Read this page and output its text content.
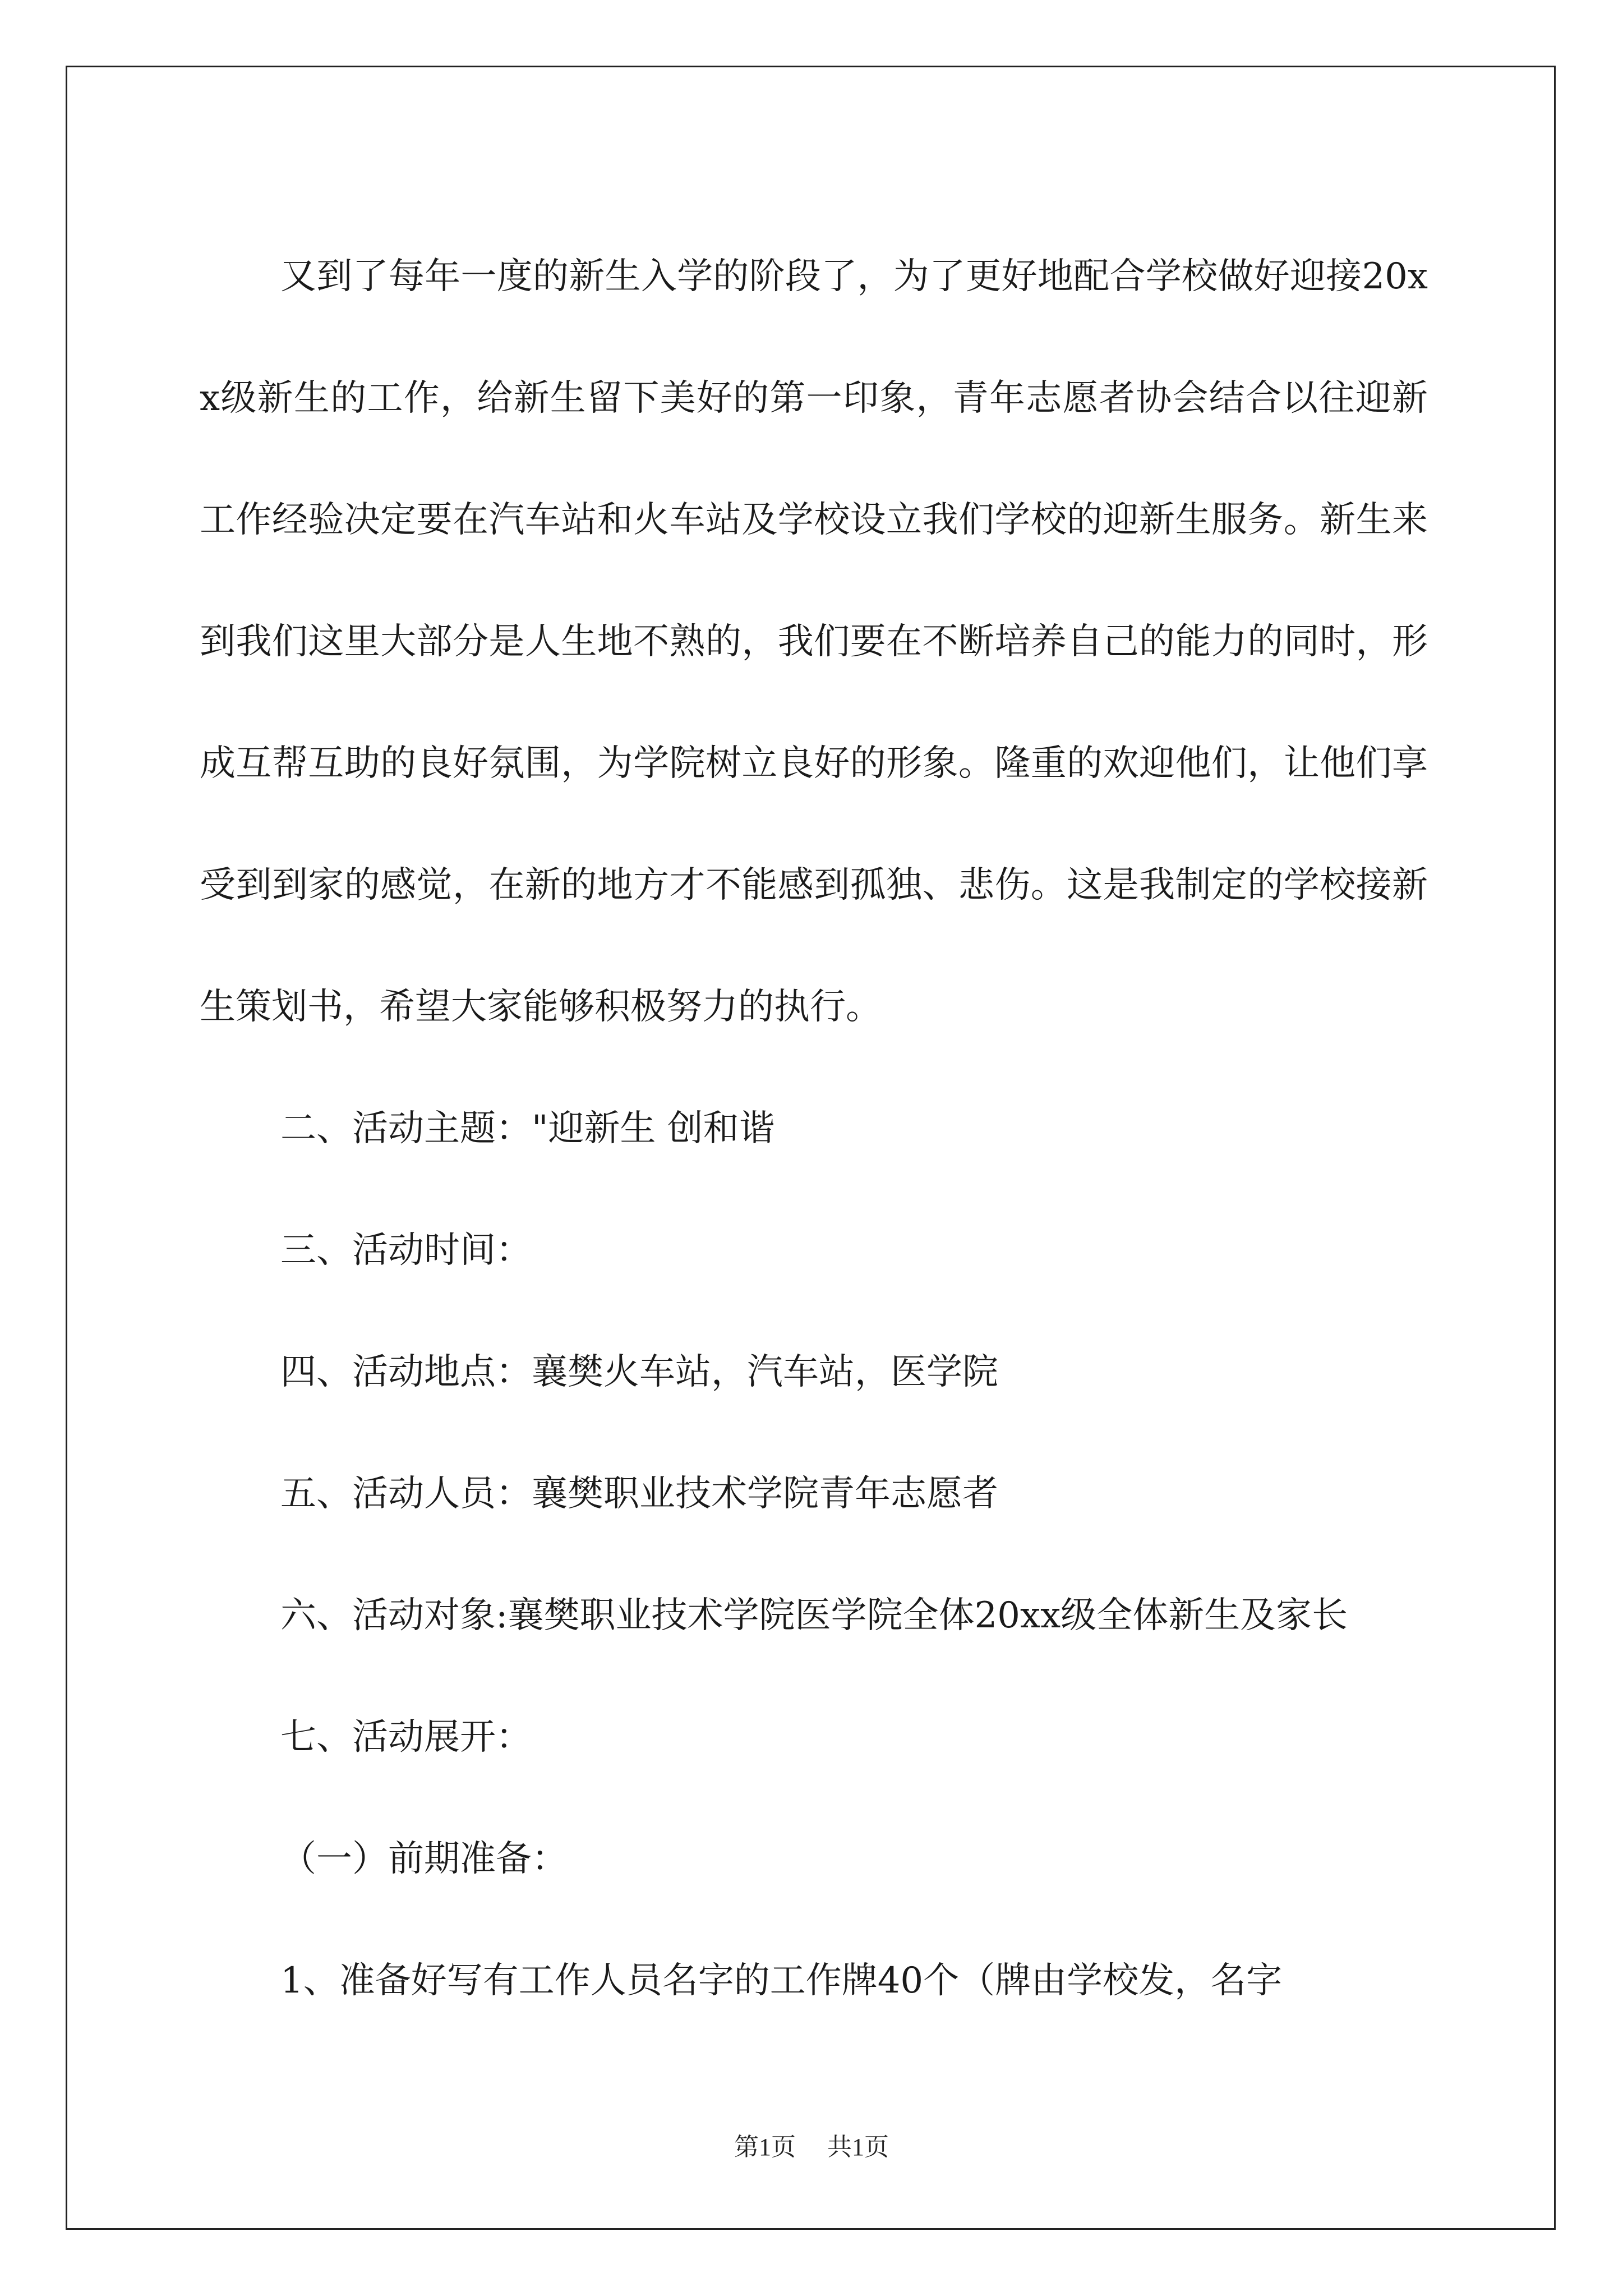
又到了每年一度的新生入学的阶段了，为了更好地配合学校做好迎接20xx级新生的工作，给新生留下美好的第一印象，青年志愿者协会结合以往迎新工作经验决定要在汽车站和火车站及学校设立我们学校的迎新生服务。新生来到我们这里大部分是人生地不熟的，我们要在不断培养自己的能力的同时，形成互帮互助的良好氛围，为学院树立良好的形象。隆重的欢迎他们，让他们享受到到家的感觉，在新的地方才不能感到孤独、悲伤。这是我制定的学校接新生策划书，希望大家能够积极努力的执行。

二、活动主题："迎新生 创和谐

三、活动时间：

四、活动地点：襄樊火车站，汽车站，医学院

五、活动人员：襄樊职业技术学院青年志愿者

六、活动对象:襄樊职业技术学院医学院全体20xx级全体新生及家长

七、活动展开：

（一）前期准备：

1、准备好写有工作人员名字的工作牌40个（牌由学校发，名字

第1页 共1页
